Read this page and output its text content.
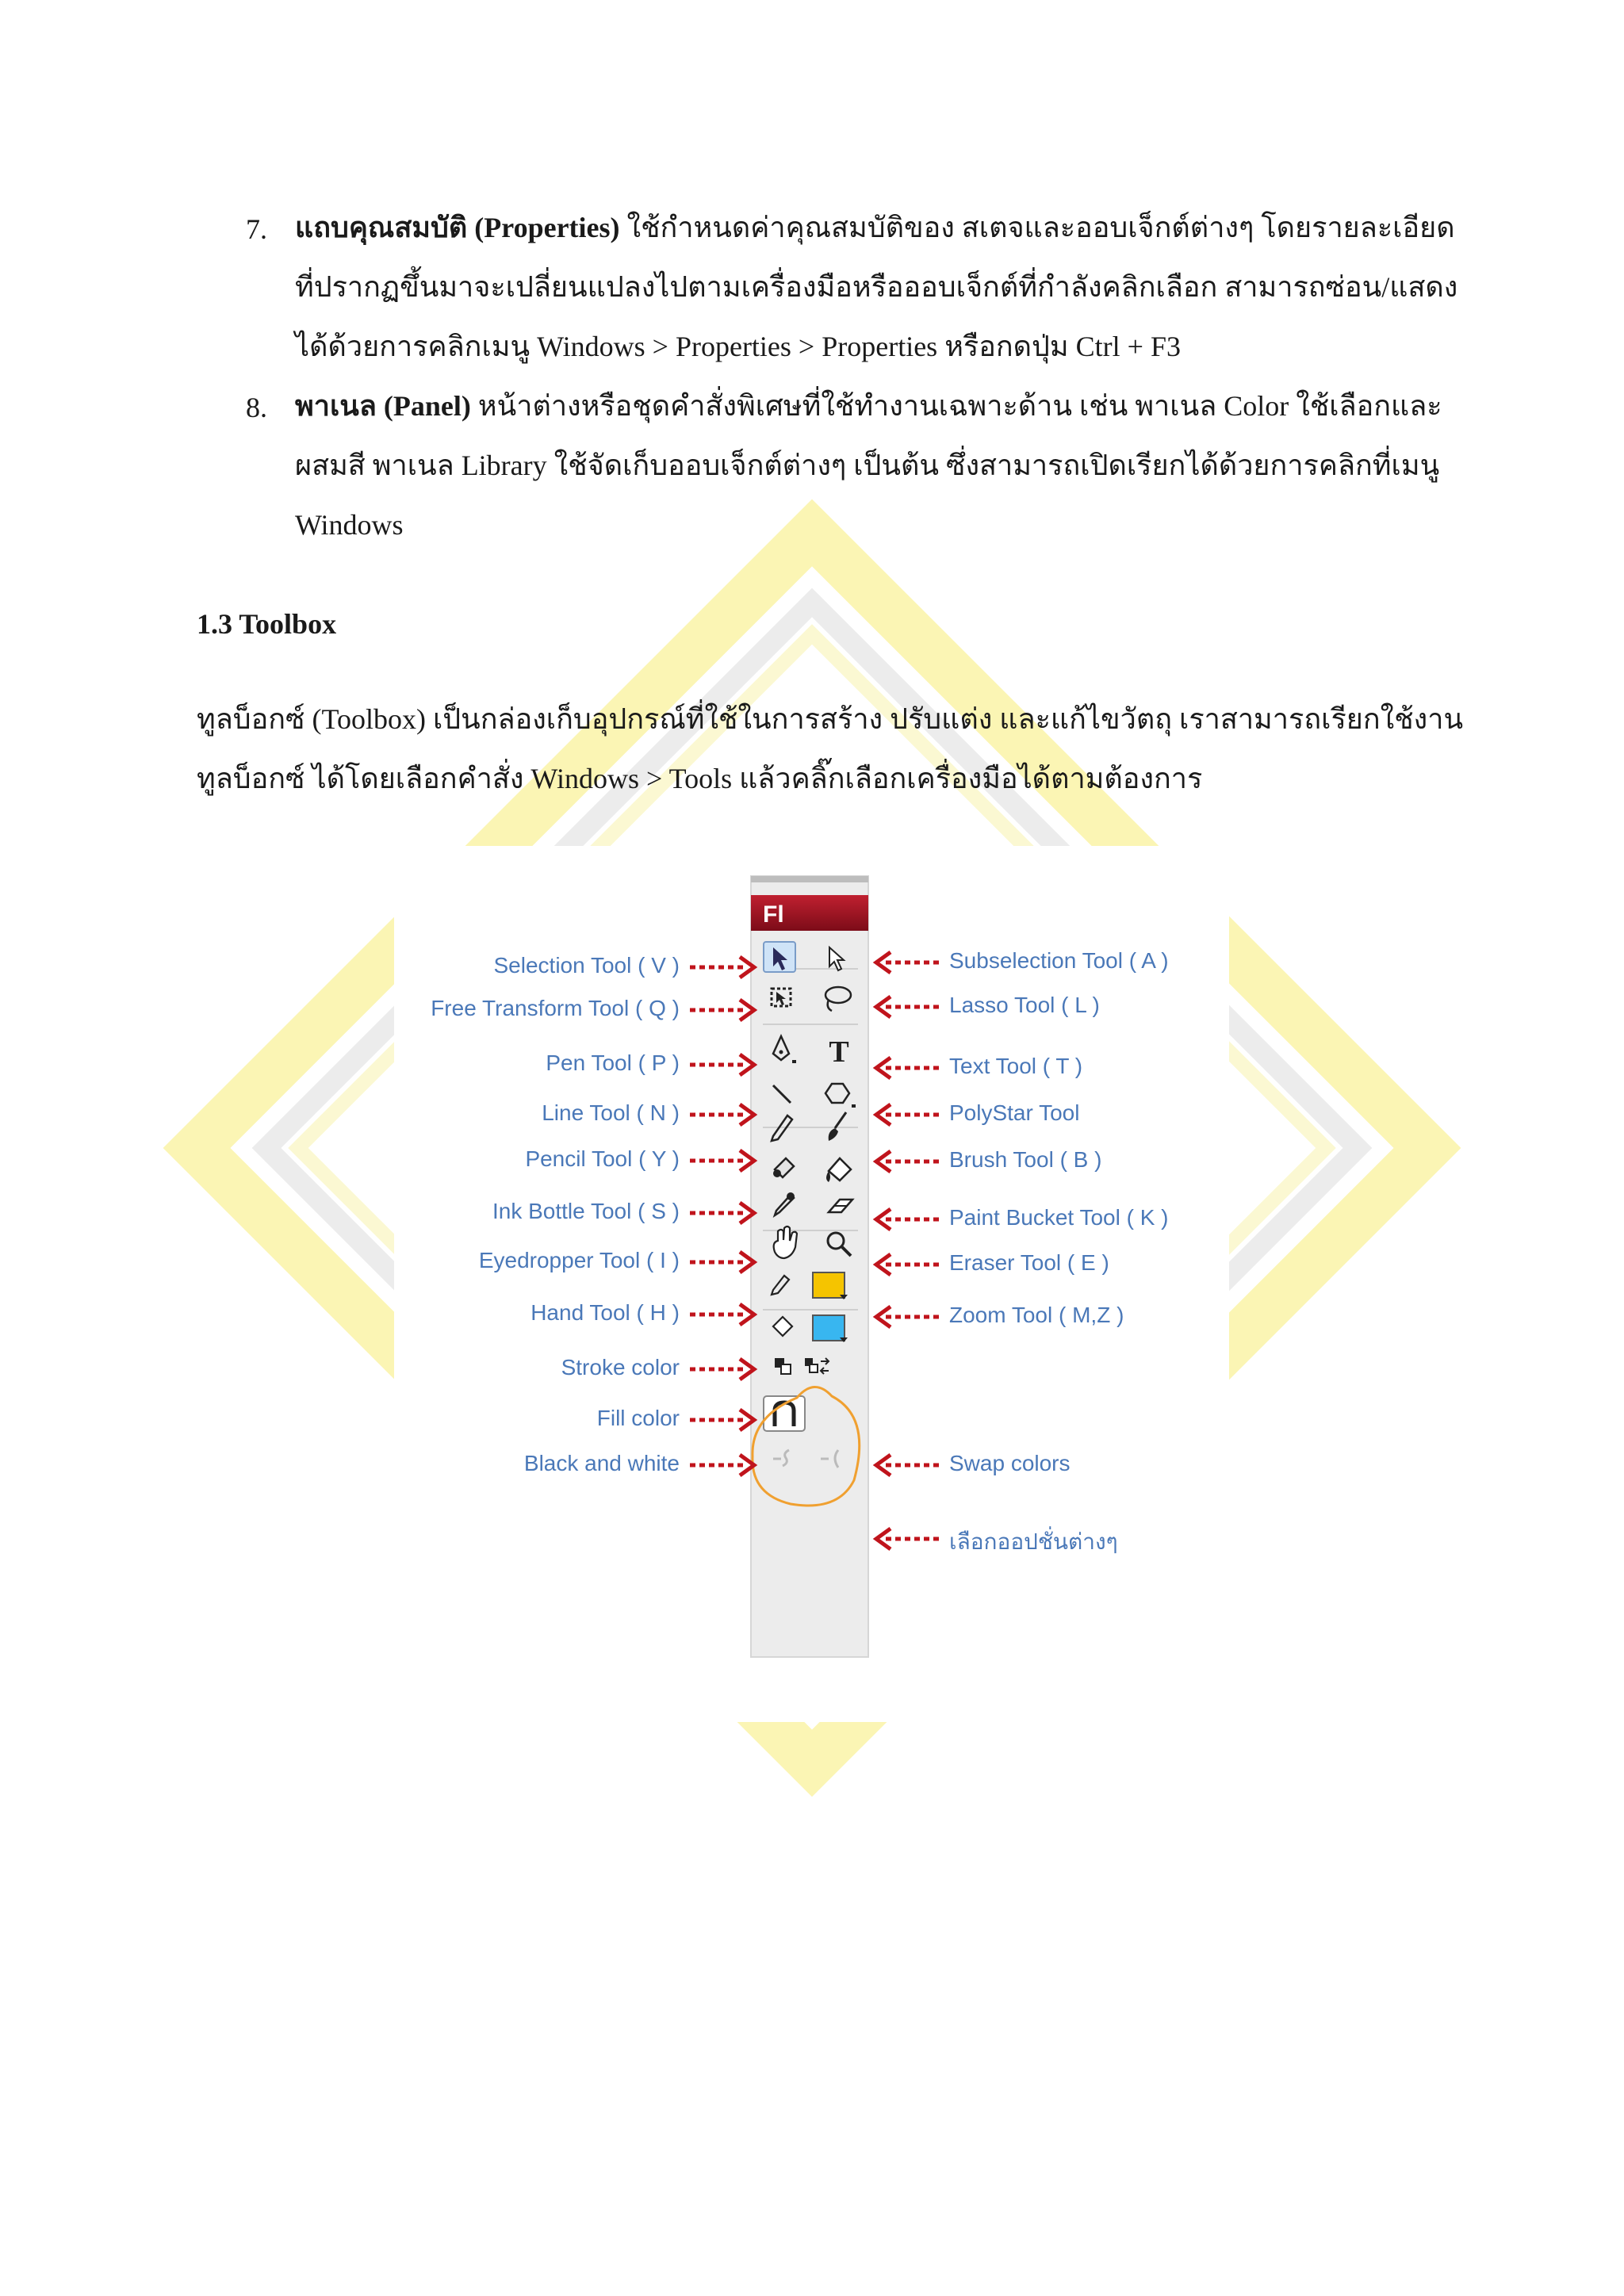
7. แถบคุณสมบัติ (Properties) ใช้กำหนดค่าคุณสมบัติของ สเตจและออบเจ็กต์ต่างๆ โดยรายละเอียด
ที่ปรากฏขึ้นมาจะเปลี่ยนแปลงไปตามเครื่องมือหรือออบเจ็กต์ที่กำลังคลิกเลือก สามารถซ่อน/แสดง
ได้ด้วยการคลิกเมนู Windows > Properties > Properties หรือกดปุ่ม Ctrl + F3
8. พาเนล (Panel) หน้าต่างหรือชุดคำสั่งพิเศษที่ใช้ทำงานเฉพาะด้าน เช่น พาเนล Color ใช้เลือกและ
ผสมสี พาเนล Library ใช้จัดเก็บออบเจ็กต์ต่างๆ เป็นต้น ซึ่งสามารถเปิดเรียกได้ด้วยการคลิกที่เมนู
Windows
1.3 Toolbox
ทูลบ็อกซ์ (Toolbox) เป็นกล่องเก็บอุปกรณ์ที่ใช้ในการสร้าง ปรับแต่ง และแก้ไขวัตถุ เราสามารถเรียกใช้งาน
ทูลบ็อกซ์ ได้โดยเลือกคำสั่ง Windows > Tools แล้วคลิ๊กเลือกเครื่องมือได้ตามต้องการ
T
Fl
Selection Tool ( V )
Free Transform Tool ( Q )
Pen Tool ( P )
Line Tool ( N )
Pencil Tool ( Y )
Ink Bottle Tool ( S )
Eyedropper Tool ( I )
Hand Tool ( H )
Stroke color
Fill color
Black and white
Subselection Tool ( A )
Lasso Tool ( L )
Text Tool ( T )
PolyStar Tool
Brush Tool ( B )
Paint Bucket Tool ( K )
Eraser Tool ( E )
Zoom Tool ( M,Z )
Swap colors
เลือกออปชั่นต่างๆ
